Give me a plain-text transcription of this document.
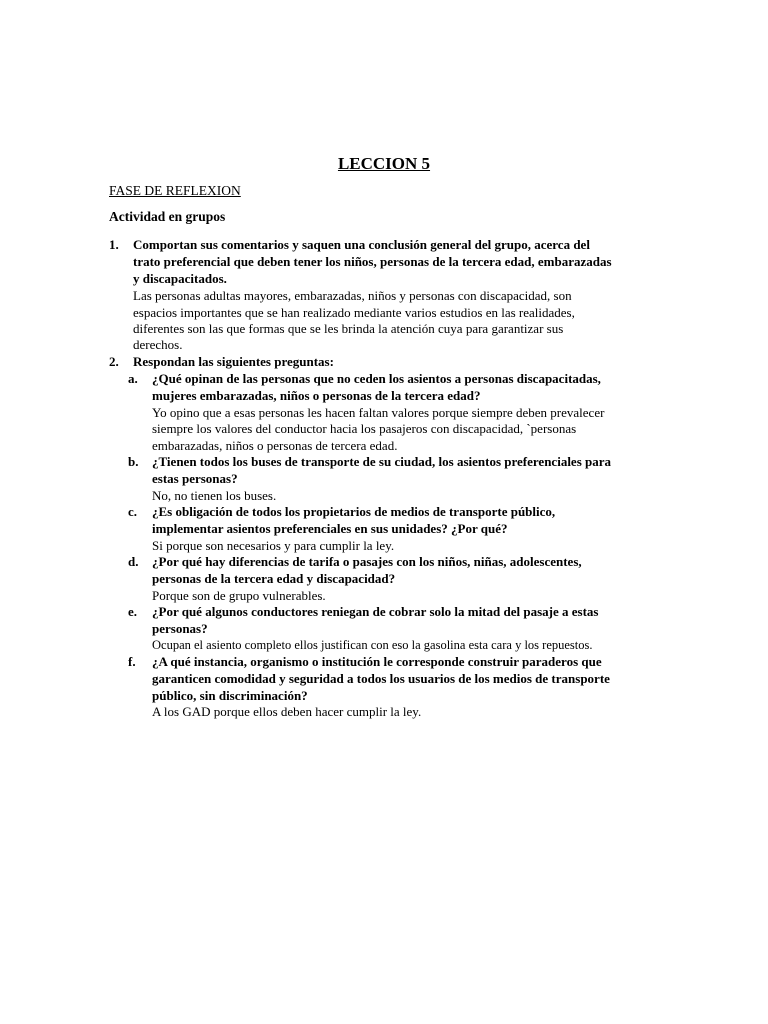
LECCION 5
FASE DE REFLEXION
Actividad en grupos
1. Comportan sus comentarios y saquen una conclusión general del grupo, acerca del
trato preferencial que deben tener los niños, personas de la tercera edad, embarazadas
y discapacitados.
Las personas adultas mayores, embarazadas, niños y personas con discapacidad, son
espacios importantes que se han realizado mediante varios estudios en las realidades,
diferentes son las que formas que se les brinda la atención cuya para garantizar sus
derechos.
2. Respondan las siguientes preguntas:
a. ¿Qué opinan de las personas que no ceden los asientos a personas discapacitadas,
mujeres embarazadas, niños o personas de la tercera edad?
Yo opino que a esas personas les hacen faltan valores porque siempre deben prevalecer
siempre los valores del conductor hacia los pasajeros con discapacidad, `personas
embarazadas, niños o personas de tercera edad.
b. ¿Tienen todos los buses de transporte de su ciudad, los asientos preferenciales para
estas personas?
No, no tienen los buses.
c. ¿Es obligación de todos los propietarios de medios de transporte público,
implementar asientos preferenciales en sus unidades? ¿Por qué?
Si porque son necesarios y para cumplir la ley.
d. ¿Por qué hay diferencias de tarifa o pasajes con los niños, niñas, adolescentes,
personas de la tercera edad y discapacidad?
Porque son de grupo vulnerables.
e. ¿Por qué algunos conductores reniegan de cobrar solo la mitad del pasaje a estas
personas?
Ocupan el asiento completo ellos justifican con eso la gasolina esta cara y los repuestos.
f. ¿A qué instancia, organismo o institución le corresponde construir paraderos que
garanticen comodidad y seguridad a todos los usuarios de los medios de transporte
público, sin discriminación?
A los GAD porque ellos deben hacer cumplir la ley.
